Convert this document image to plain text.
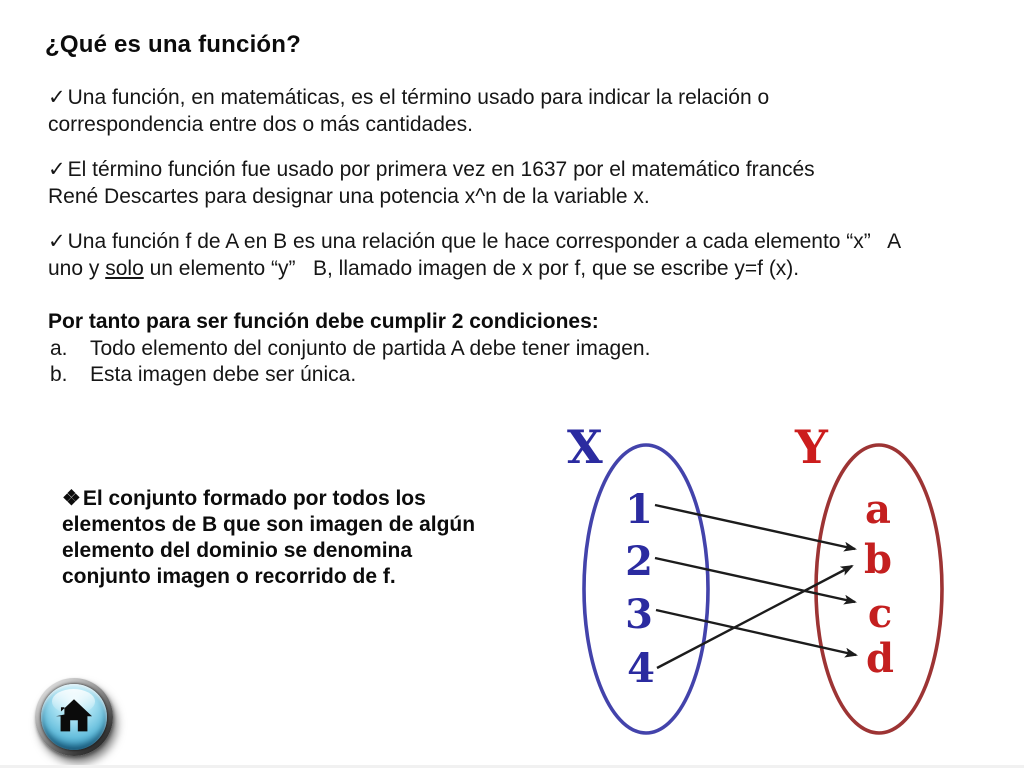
¿Qué es una función?
✓Una función, en matemáticas, es el término usado para indicar la relación o
correspondencia entre dos o más cantidades.
✓El término función fue usado por primera vez en 1637 por el matemático francés
René Descartes para designar una potencia x^n de la variable x.
✓Una función f de A en B es una relación que le hace corresponder a cada elemento “x”   A
uno y solo un elemento “y”   B, llamado imagen de x por f, que se escribe y=f (x).
Por tanto para ser función debe cumplir 2 condiciones:
a. Todo elemento del conjunto de partida A debe tener imagen.
b. Esta imagen debe ser única.
❖El conjunto formado por todos los
elementos de B que son imagen de algún
elemento del dominio se denomina
conjunto imagen o recorrido de f.
X	Y
1
2
3
4
a
b
c
d
